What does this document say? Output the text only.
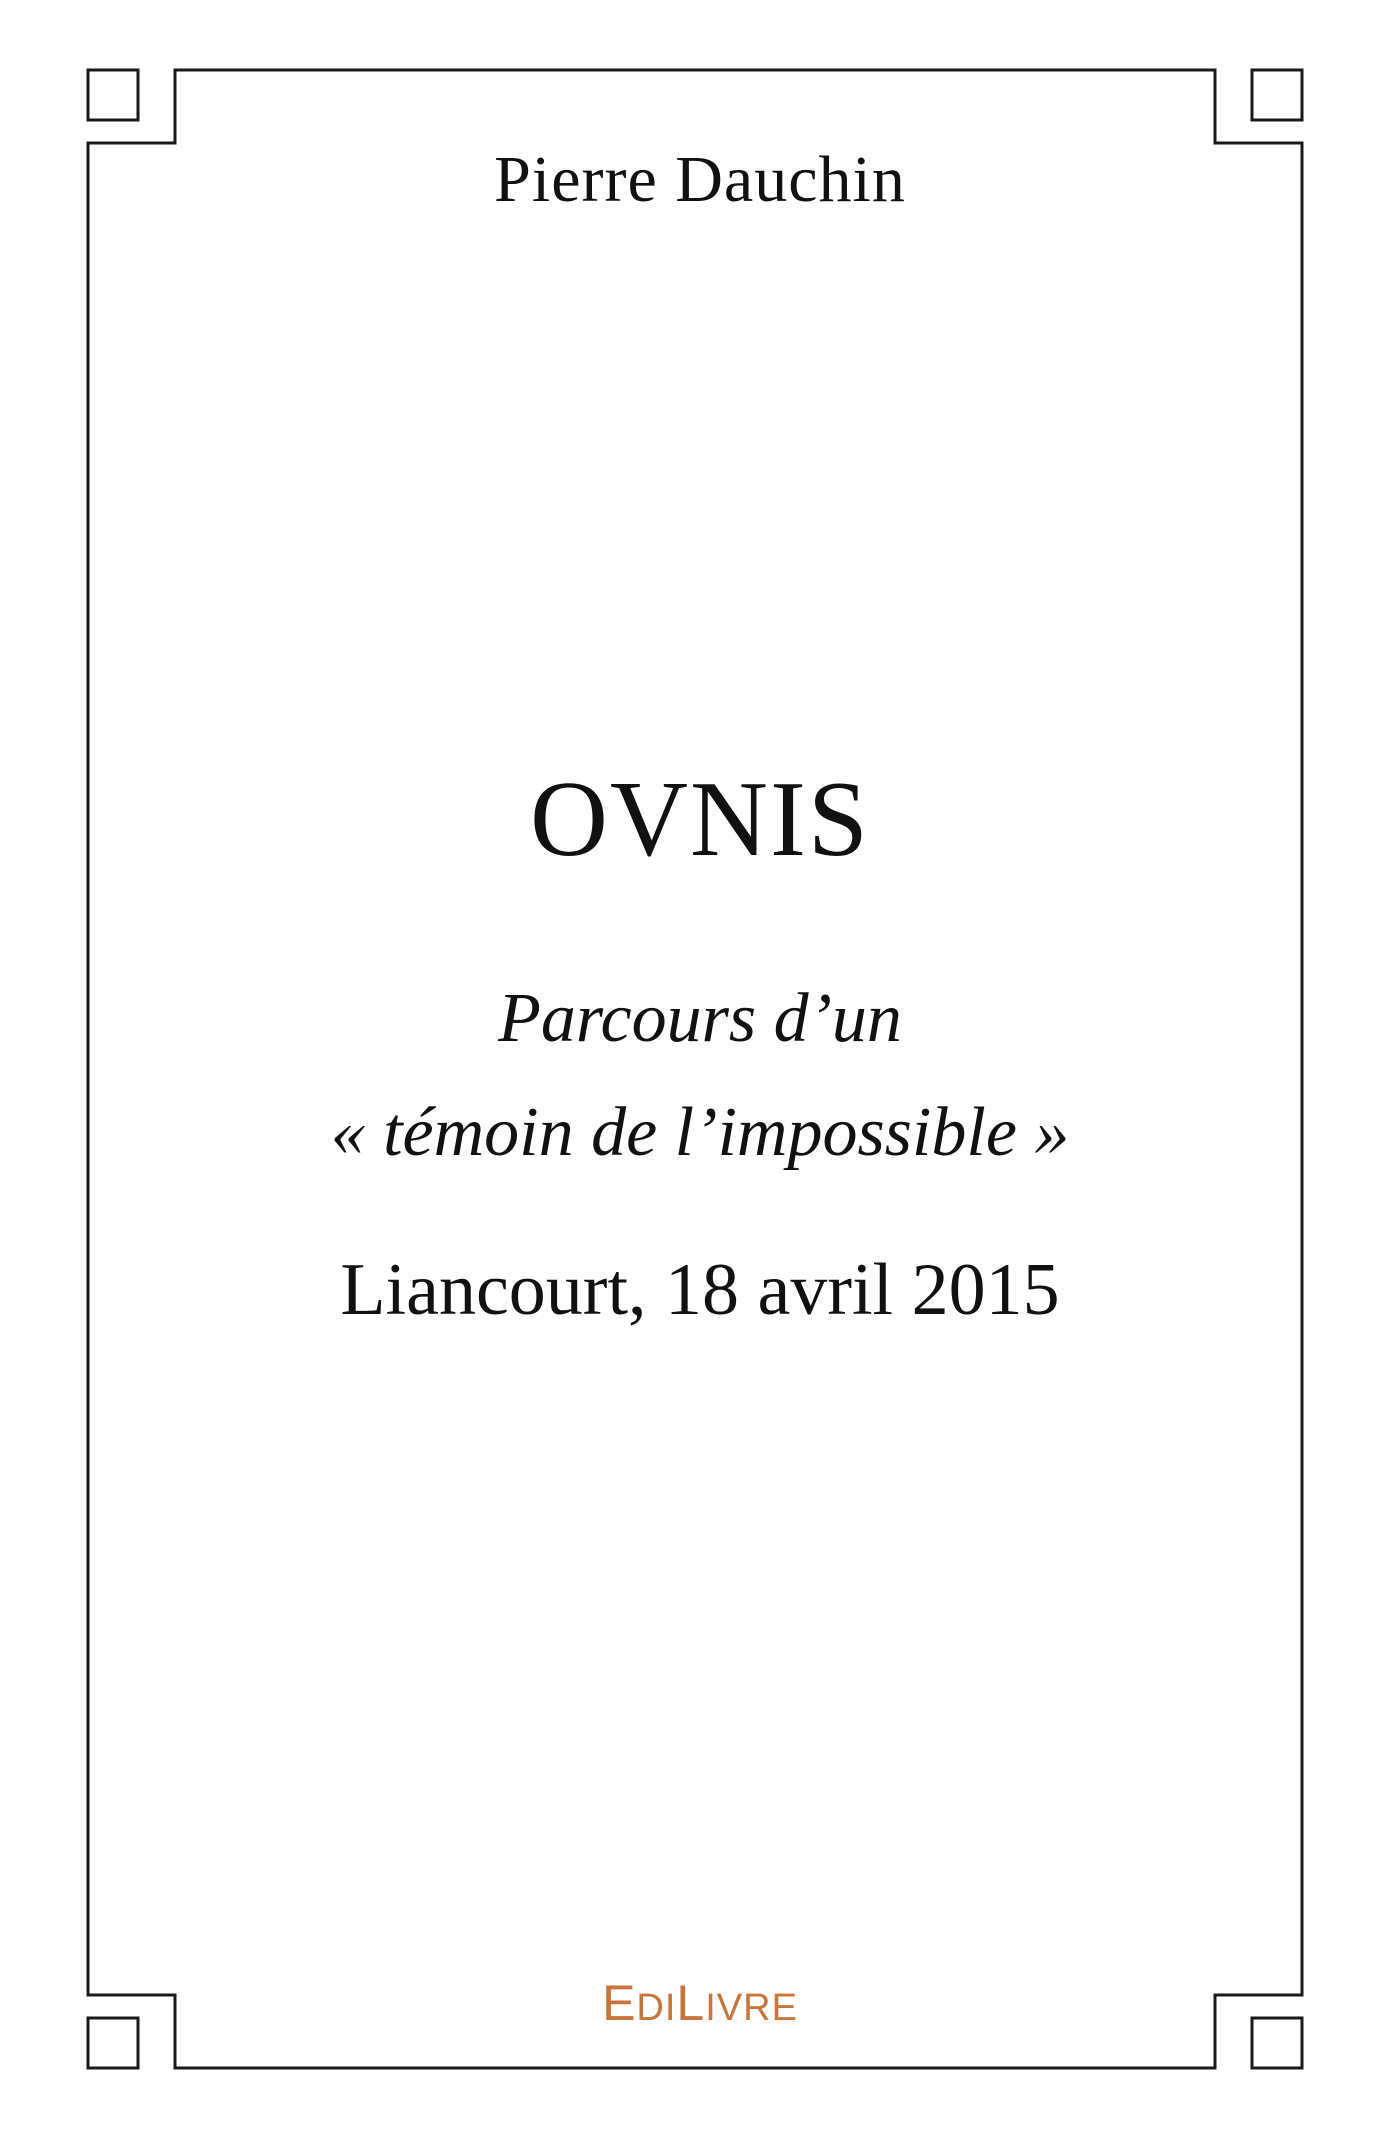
Pierre Dauchin
OVNIS
Parcours d’un
« témoin de l’impossible »
Liancourt, 18 avril 2015
EDILIVRE
